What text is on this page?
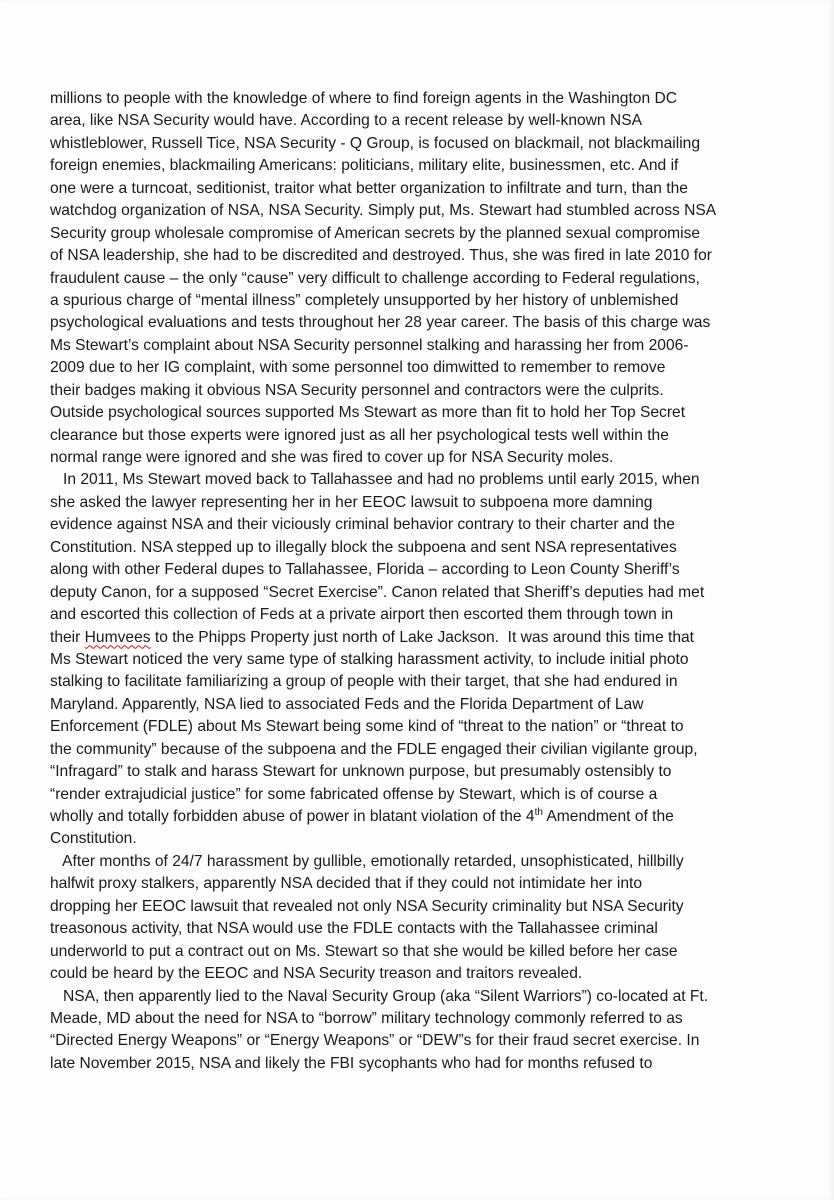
millions to people with the knowledge of where to find foreign agents in the Washington DC
area, like NSA Security would have. According to a recent release by well-known NSA
whistleblower, Russell Tice, NSA Security - Q Group, is focused on blackmail, not blackmailing
foreign enemies, blackmailing Americans: politicians, military elite, businessmen, etc. And if
one were a turncoat, seditionist, traitor what better organization to infiltrate and turn, than the
watchdog organization of NSA, NSA Security. Simply put, Ms. Stewart had stumbled across NSA
Security group wholesale compromise of American secrets by the planned sexual compromise
of NSA leadership, she had to be discredited and destroyed. Thus, she was fired in late 2010 for
fraudulent cause – the only “cause” very difficult to challenge according to Federal regulations,
a spurious charge of “mental illness” completely unsupported by her history of unblemished
psychological evaluations and tests throughout her 28 year career. The basis of this charge was
Ms Stewart’s complaint about NSA Security personnel stalking and harassing her from 2006-
2009 due to her IG complaint, with some personnel too dimwitted to remember to remove
their badges making it obvious NSA Security personnel and contractors were the culprits.
Outside psychological sources supported Ms Stewart as more than fit to hold her Top Secret
clearance but those experts were ignored just as all her psychological tests well within the
normal range were ignored and she was fired to cover up for NSA Security moles.
In 2011, Ms Stewart moved back to Tallahassee and had no problems until early 2015, when
she asked the lawyer representing her in her EEOC lawsuit to subpoena more damning
evidence against NSA and their viciously criminal behavior contrary to their charter and the
Constitution. NSA stepped up to illegally block the subpoena and sent NSA representatives
along with other Federal dupes to Tallahassee, Florida – according to Leon County Sheriff’s
deputy Canon, for a supposed “Secret Exercise”. Canon related that Sheriff’s deputies had met
and escorted this collection of Feds at a private airport then escorted them through town in
their Humvees to the Phipps Property just north of Lake Jackson.  It was around this time that
Ms Stewart noticed the very same type of stalking harassment activity, to include initial photo
stalking to facilitate familiarizing a group of people with their target, that she had endured in
Maryland. Apparently, NSA lied to associated Feds and the Florida Department of Law
Enforcement (FDLE) about Ms Stewart being some kind of “threat to the nation” or “threat to
the community” because of the subpoena and the FDLE engaged their civilian vigilante group,
“Infragard” to stalk and harass Stewart for unknown purpose, but presumably ostensibly to
“render extrajudicial justice” for some fabricated offense by Stewart, which is of course a
wholly and totally forbidden abuse of power in blatant violation of the 4th Amendment of the
Constitution.
After months of 24/7 harassment by gullible, emotionally retarded, unsophisticated, hillbilly
halfwit proxy stalkers, apparently NSA decided that if they could not intimidate her into
dropping her EEOC lawsuit that revealed not only NSA Security criminality but NSA Security
treasonous activity, that NSA would use the FDLE contacts with the Tallahassee criminal
underworld to put a contract out on Ms. Stewart so that she would be killed before her case
could be heard by the EEOC and NSA Security treason and traitors revealed.
NSA, then apparently lied to the Naval Security Group (aka “Silent Warriors”) co-located at Ft.
Meade, MD about the need for NSA to “borrow” military technology commonly referred to as
“Directed Energy Weapons” or “Energy Weapons” or “DEW”s for their fraud secret exercise. In
late November 2015, NSA and likely the FBI sycophants who had for months refused to
